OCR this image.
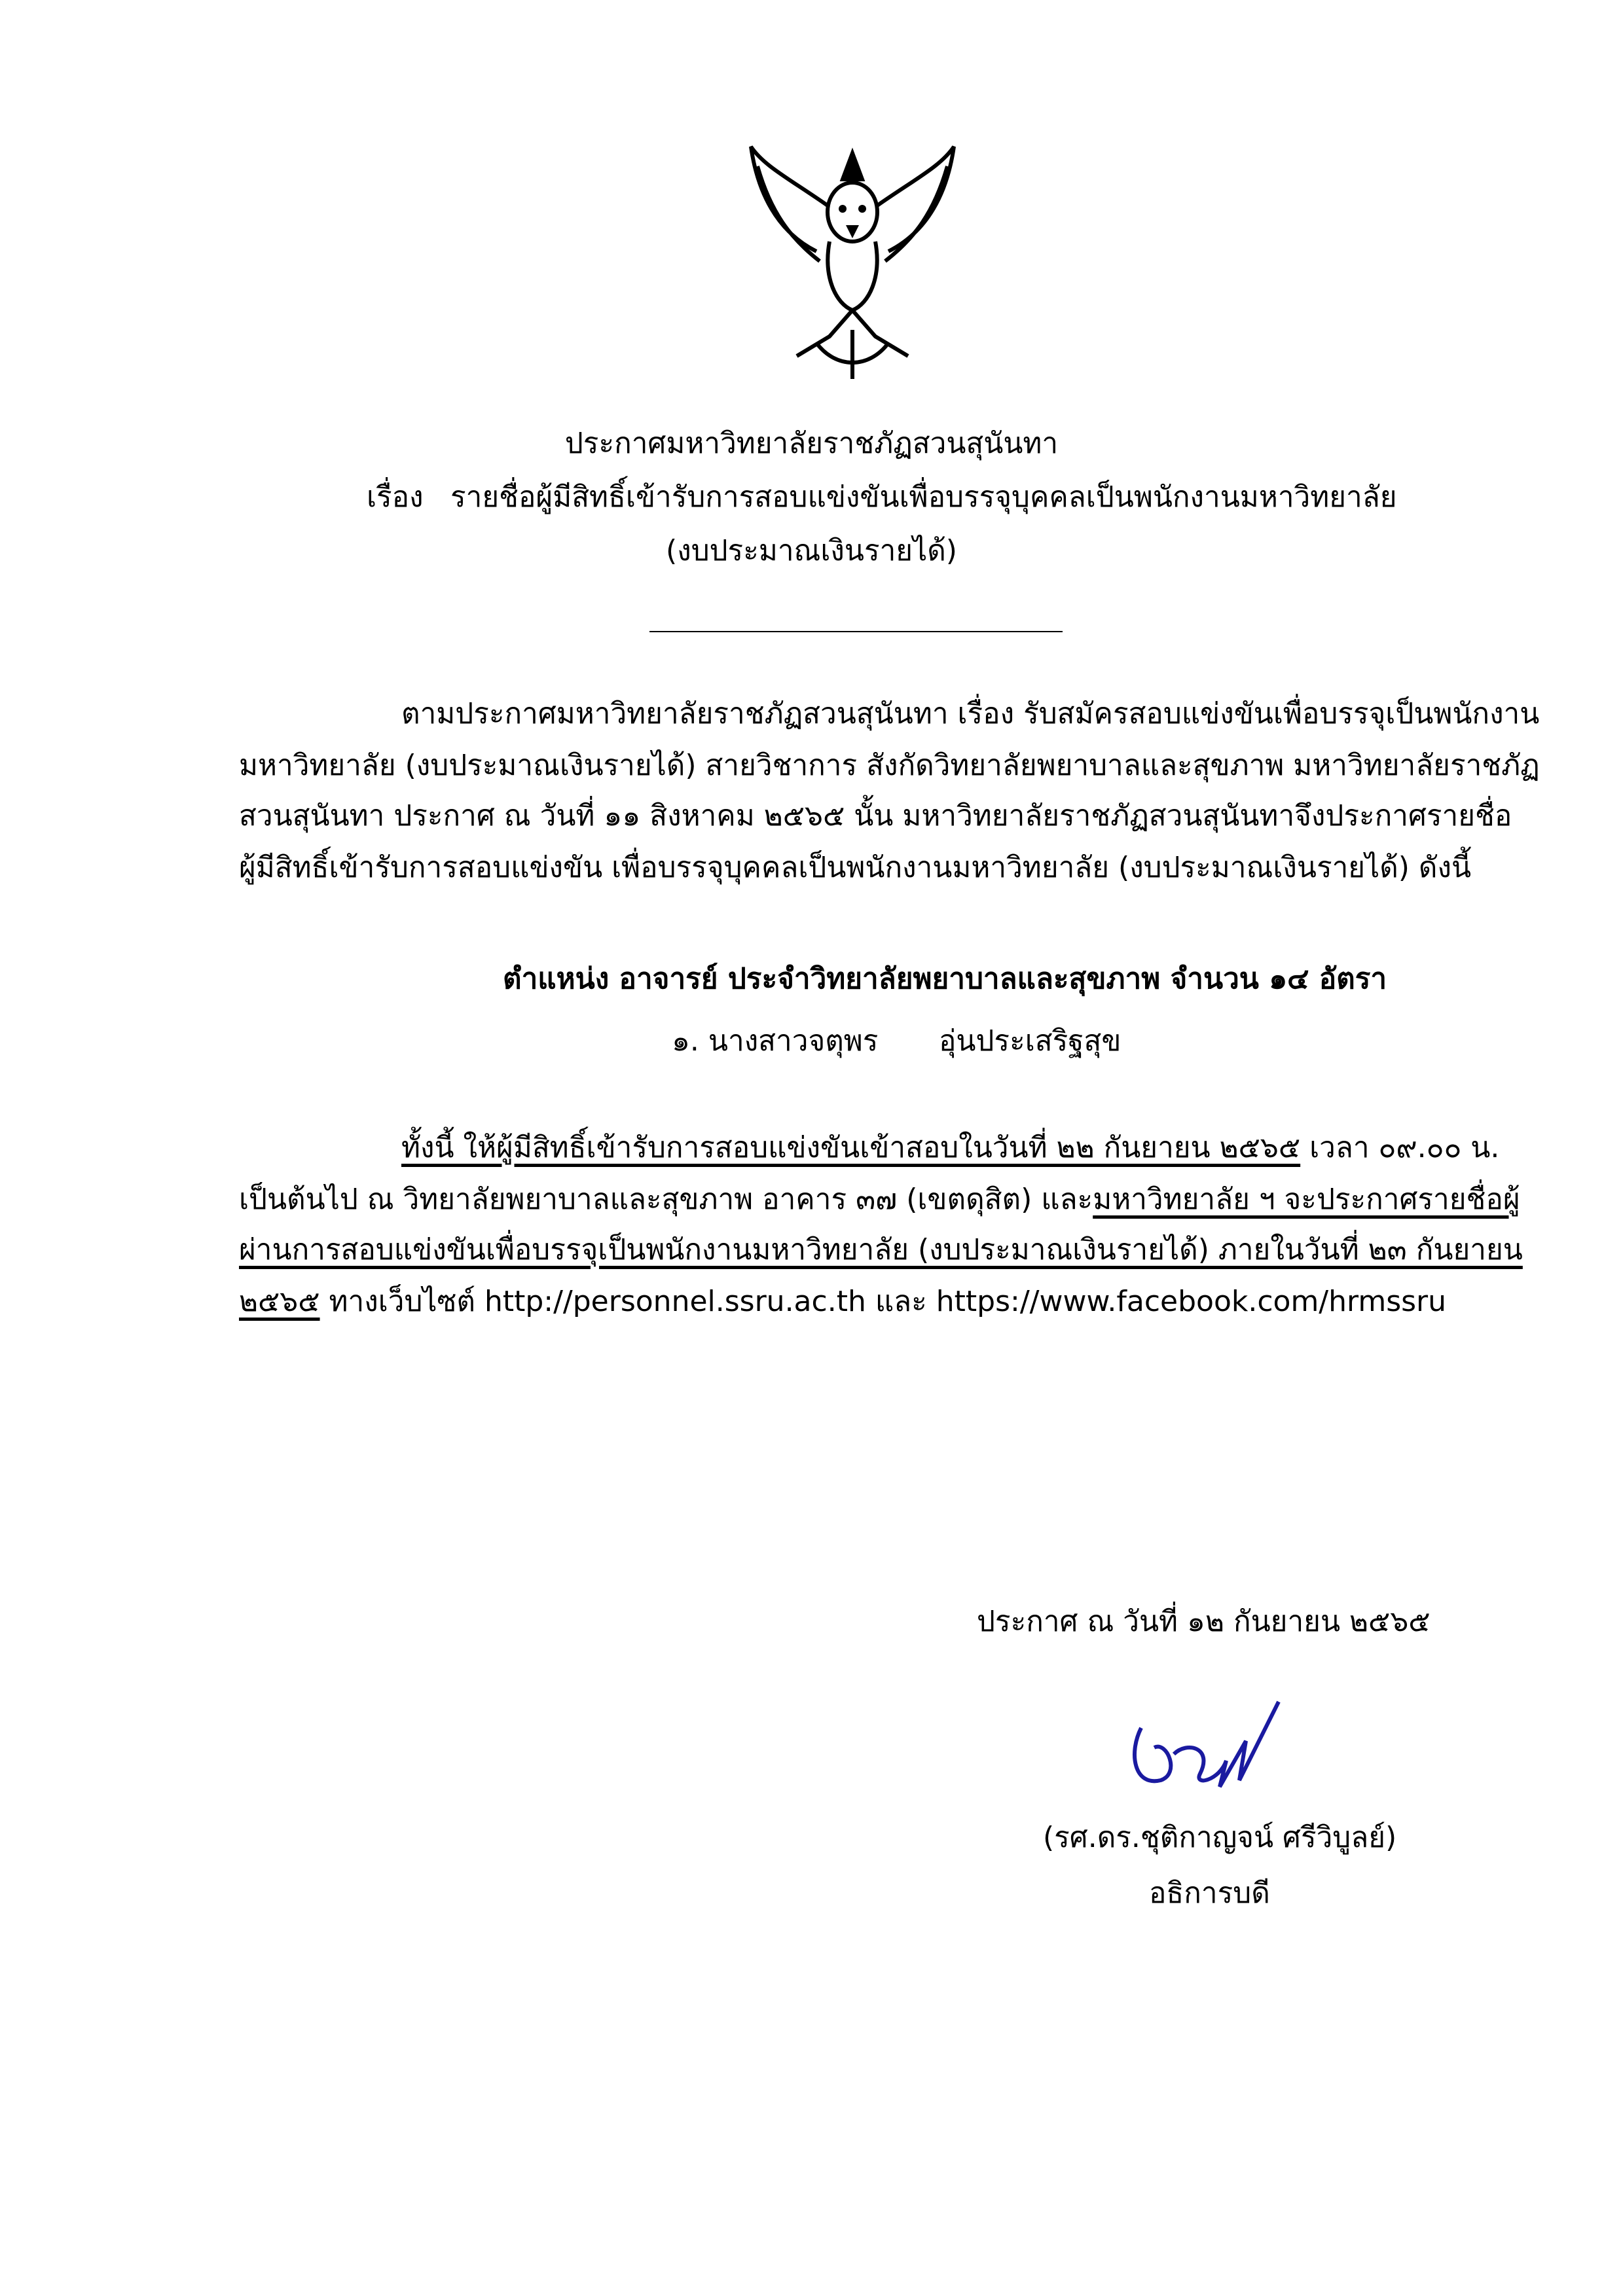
ประกาศมหาวิทยาลัยราชภัฏสวนสุนันทา
เรื่อง รายชื่อผู้มีสิทธิ์เข้ารับการสอบแข่งขันเพื่อบรรจุบุคคลเป็นพนักงานมหาวิทยาลัย
(งบประมาณเงินรายได้)
ตามประกาศมหาวิทยาลัยราชภัฏสวนสุนันทา เรื่อง รับสมัครสอบแข่งขันเพื่อบรรจุเป็นพนักงาน
มหาวิทยาลัย (งบประมาณเงินรายได้) สายวิชาการ สังกัดวิทยาลัยพยาบาลและสุขภาพ มหาวิทยาลัยราชภัฏ
สวนสุนันทา ประกาศ ณ วันที่ ๑๑ สิงหาคม ๒๕๖๕ นั้น มหาวิทยาลัยราชภัฏสวนสุนันทาจึงประกาศรายชื่อ
ผู้มีสิทธิ์เข้ารับการสอบแข่งขัน เพื่อบรรจุบุคคลเป็นพนักงานมหาวิทยาลัย (งบประมาณเงินรายได้) ดังนี้
ตำแหน่ง อาจารย์ ประจำวิทยาลัยพยาบาลและสุขภาพ จำนวน ๑๔ อัตรา
๑. นางสาวจตุพร อุ่นประเสริฐสุข
ทั้งนี้ ให้ผู้มีสิทธิ์เข้ารับการสอบแข่งขันเข้าสอบในวันที่ ๒๒ กันยายน ๒๕๖๕ เวลา ๐๙.๐๐ น.
เป็นต้นไป ณ วิทยาลัยพยาบาลและสุขภาพ อาคาร ๓๗ (เขตดุสิต) และมหาวิทยาลัย ฯ จะประกาศรายชื่อผู้
ผ่านการสอบแข่งขันเพื่อบรรจุเป็นพนักงานมหาวิทยาลัย (งบประมาณเงินรายได้) ภายในวันที่ ๒๓ กันยายน
๒๕๖๕ ทางเว็บไซต์ http://personnel.ssru.ac.th และ https://www.facebook.com/hrmssru
ประกาศ ณ วันที่ ๑๒ กันยายน ๒๕๖๕
(รศ.ดร.ชุติกาญจน์ ศรีวิบูลย์)
อธิการบดี
